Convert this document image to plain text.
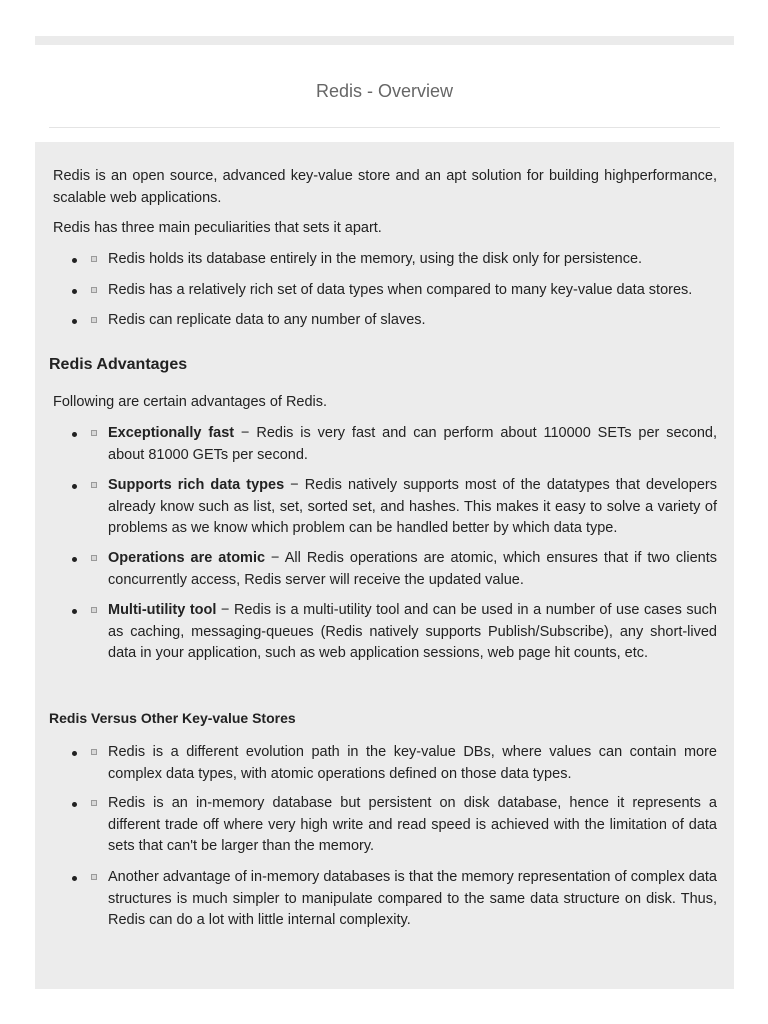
Redis - Overview

Redis is an open source, advanced key-value store and an apt solution for building highperformance, scalable web applications.

Redis has three main peculiarities that sets it apart.

Redis holds its database entirely in the memory, using the disk only for persistence.
Redis has a relatively rich set of data types when compared to many key-value data stores.
Redis can replicate data to any number of slaves.
Redis Advantages

Following are certain advantages of Redis.

Exceptionally fast − Redis is very fast and can perform about 110000 SETs per second, about 81000 GETs per second.
Supports rich data types − Redis natively supports most of the datatypes that developers already know such as list, set, sorted set, and hashes. This makes it easy to solve a variety of problems as we know which problem can be handled better by which data type.
Operations are atomic − All Redis operations are atomic, which ensures that if two clients concurrently access, Redis server will receive the updated value.
Multi-utility tool − Redis is a multi-utility tool and can be used in a number of use cases such as caching, messaging-queues (Redis natively supports Publish/Subscribe), any short-lived data in your application, such as web application sessions, web page hit counts, etc.
Redis Versus Other Key-value Stores
Redis is a different evolution path in the key-value DBs, where values can contain more complex data types, with atomic operations defined on those data types.
Redis is an in-memory database but persistent on disk database, hence it represents a different trade off where very high write and read speed is achieved with the limitation of data sets that can't be larger than the memory.
Another advantage of in-memory databases is that the memory representation of complex data structures is much simpler to manipulate compared to the same data structure on disk. Thus, Redis can do a lot with little internal complexity.
